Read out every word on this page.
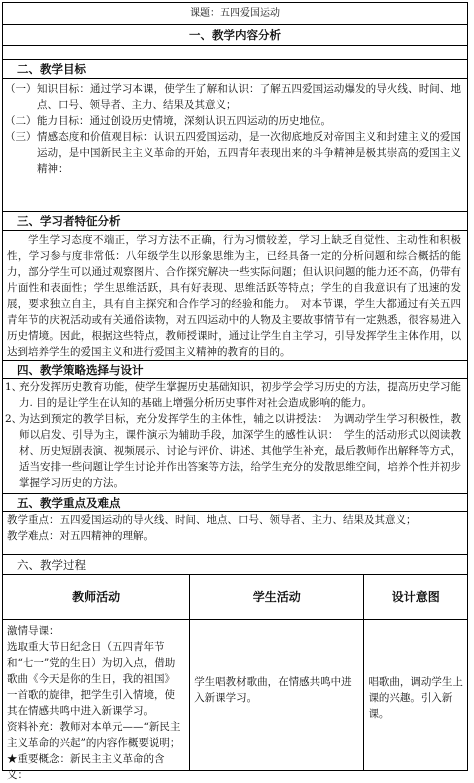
课题：五四爱国运动
一、教学内容分析
二、教学目标
（一） 知识目标：通过学习本课，使学生了解和认识：了解五四爱国运动爆发的导火线、时间、地点、口号、领导者、主力、结果及其意义；
（二） 能力目标：通过创设历史情境，深刻认识五四运动的历史地位。
（三） 情感态度和价值观目标：认识五四爱国运动，是一次彻底地反对帝国主义和封建主义的爱国运动，是中国新民主主义革命的开始，五四青年表现出来的斗争精神是极其崇高的爱国主义精神：
三、学习者特征分析
学生学习态度不端正，学习方法不正确，行为习惯较差，学习上缺乏自觉性、主动性和积极性，学习参与度非常低：八年级学生以形象思维为主，已经具备一定的分析问题和综合概括的能力，部分学生可以通过观察图片、合作探究解决一些实际问题；但认识问题的能力还不高，仍带有片面性和表面性；学生思维活跃，具有好表现、思维活跃等特点；学生的自我意识有了迅速的发展，要求独立自主，具有自主探究和合作学习的经验和能力。　对本节课，学生大都通过有关五四青年节的庆祝活动或有关通俗读物，对五四运动中的人物及主要故事情节有一定熟悉，很容易进入历史情境。因此，根据这些特点，教师授课时，通过让学生自主学习，引导发挥学生主体作用，以达到培养学生的爱国主义和进行爱国主义精神的教育的目的。
四、教学策略选择与设计
1、
充分发挥历史教育功能，使学生掌握历史基础知识，初步学会学习历史的方法，提高历史学习能力. 目的是让学生在认知的基础上增强分析历史事件对社会造成影响的能力。
2、
为达到预定的教学目标，充分发挥学生的主体性，辅之以讲授法：　为调动学生学习积极性，教师以启发、引导为主，课件演示为辅助手段，加深学生的感性认识：　学生的活动形式以阅读教材、历史短剧表演、视频展示、讨论与评价、讲述、其他学生补充，最后教师作出解释等方式，适当安排一些问题让学生讨论并作出答案等方法，给学生充分的发散思维空间，培养个性并初步掌握学习历史的方法。
五、教学重点及难点
教学重点：五四爱国运动的导火线、时间、地点、口号、领导者、主力、结果及其意义；
教学难点：对五四精神的理解。
六、教学过程
教师活动	学生活动	设计意图
激情导课：
选取重大节日纪念日（五四青年节和“七一”党的生日）为切入点，借助歌曲《今天是你的生日，我的祖国》一首歌的旋律，把学生引入情境，使其在情感共鸣中进入新课学习。
资料补充：教师对本单元——“新民主主义革命的兴起”的内容作概要说明；
★重要概念：新民主主义革命的含义：
学生唱教材歌曲，在情感共鸣中进入新课学习。
唱歌曲，调动学生上课的兴趣。引入新课。
